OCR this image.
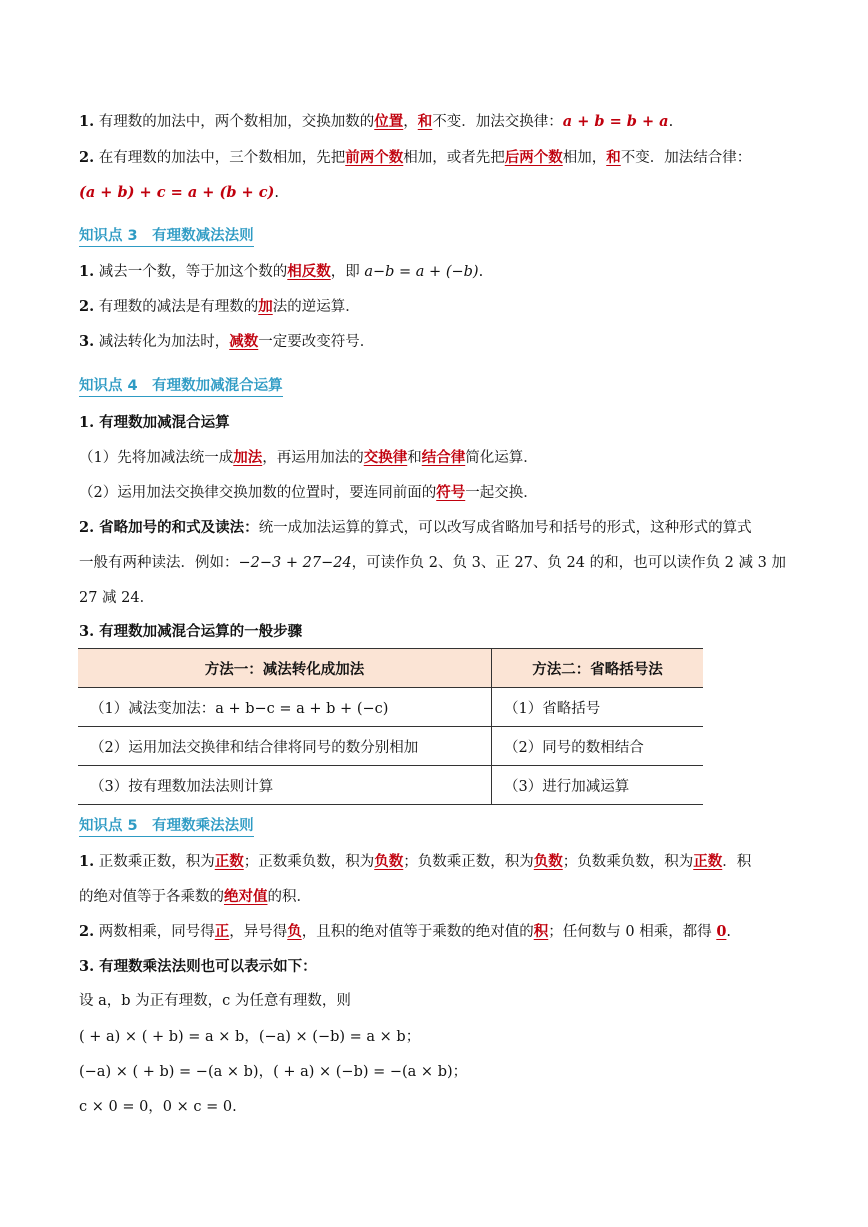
1. 有理数的加法中，两个数相加，交换加数的位置，和不变．加法交换律：a + b = b + a.
2. 在有理数的加法中，三个数相加，先把前两个数相加，或者先把后两个数相加，和不变．加法结合律：
(a + b) + c = a + (b + c).
知识点 3　有理数减法法则
1. 减去一个数，等于加这个数的相反数，即 a−b = a + (−b).
2. 有理数的减法是有理数的加法的逆运算．
3. 减法转化为加法时，减数一定要改变符号．
知识点 4　有理数加减混合运算
1. 有理数加减混合运算
（1）先将加减法统一成加法，再运用加法的交换律和结合律简化运算．
（2）运用加法交换律交换加数的位置时，要连同前面的符号一起交换．
2. 省略加号的和式及读法：统一成加法运算的算式，可以改写成省略加号和括号的形式，这种形式的算式
一般有两种读法．例如：−2−3 + 27−24，可读作负 2、负 3、正 27、负 24 的和，也可以读作负 2 减 3 加
27 减 24．
3. 有理数加减混合运算的一般步骤
方法一：减法转化成加法	方法二：省略括号法
（1）减法变加法：a + b−c = a + b + (−c)	（1）省略括号
（2）运用加法交换律和结合律将同号的数分别相加	（2）同号的数相结合
（3）按有理数加法法则计算	（3）进行加减运算
知识点 5　有理数乘法法则
1. 正数乘正数，积为正数；正数乘负数，积为负数；负数乘正数，积为负数；负数乘负数，积为正数．积
的绝对值等于各乘数的绝对值的积．
2. 两数相乘，同号得正，异号得负，且积的绝对值等于乘数的绝对值的积；任何数与 0 相乘，都得 0.
3. 有理数乘法法则也可以表示如下：
设 a，b 为正有理数，c 为任意有理数，则
( + a) × ( + b) = a × b，(−a) × (−b) = a × b；
(−a) × ( + b) = −(a × b)，( + a) × (−b) = −(a × b)；
c × 0 = 0，0 × c = 0.
